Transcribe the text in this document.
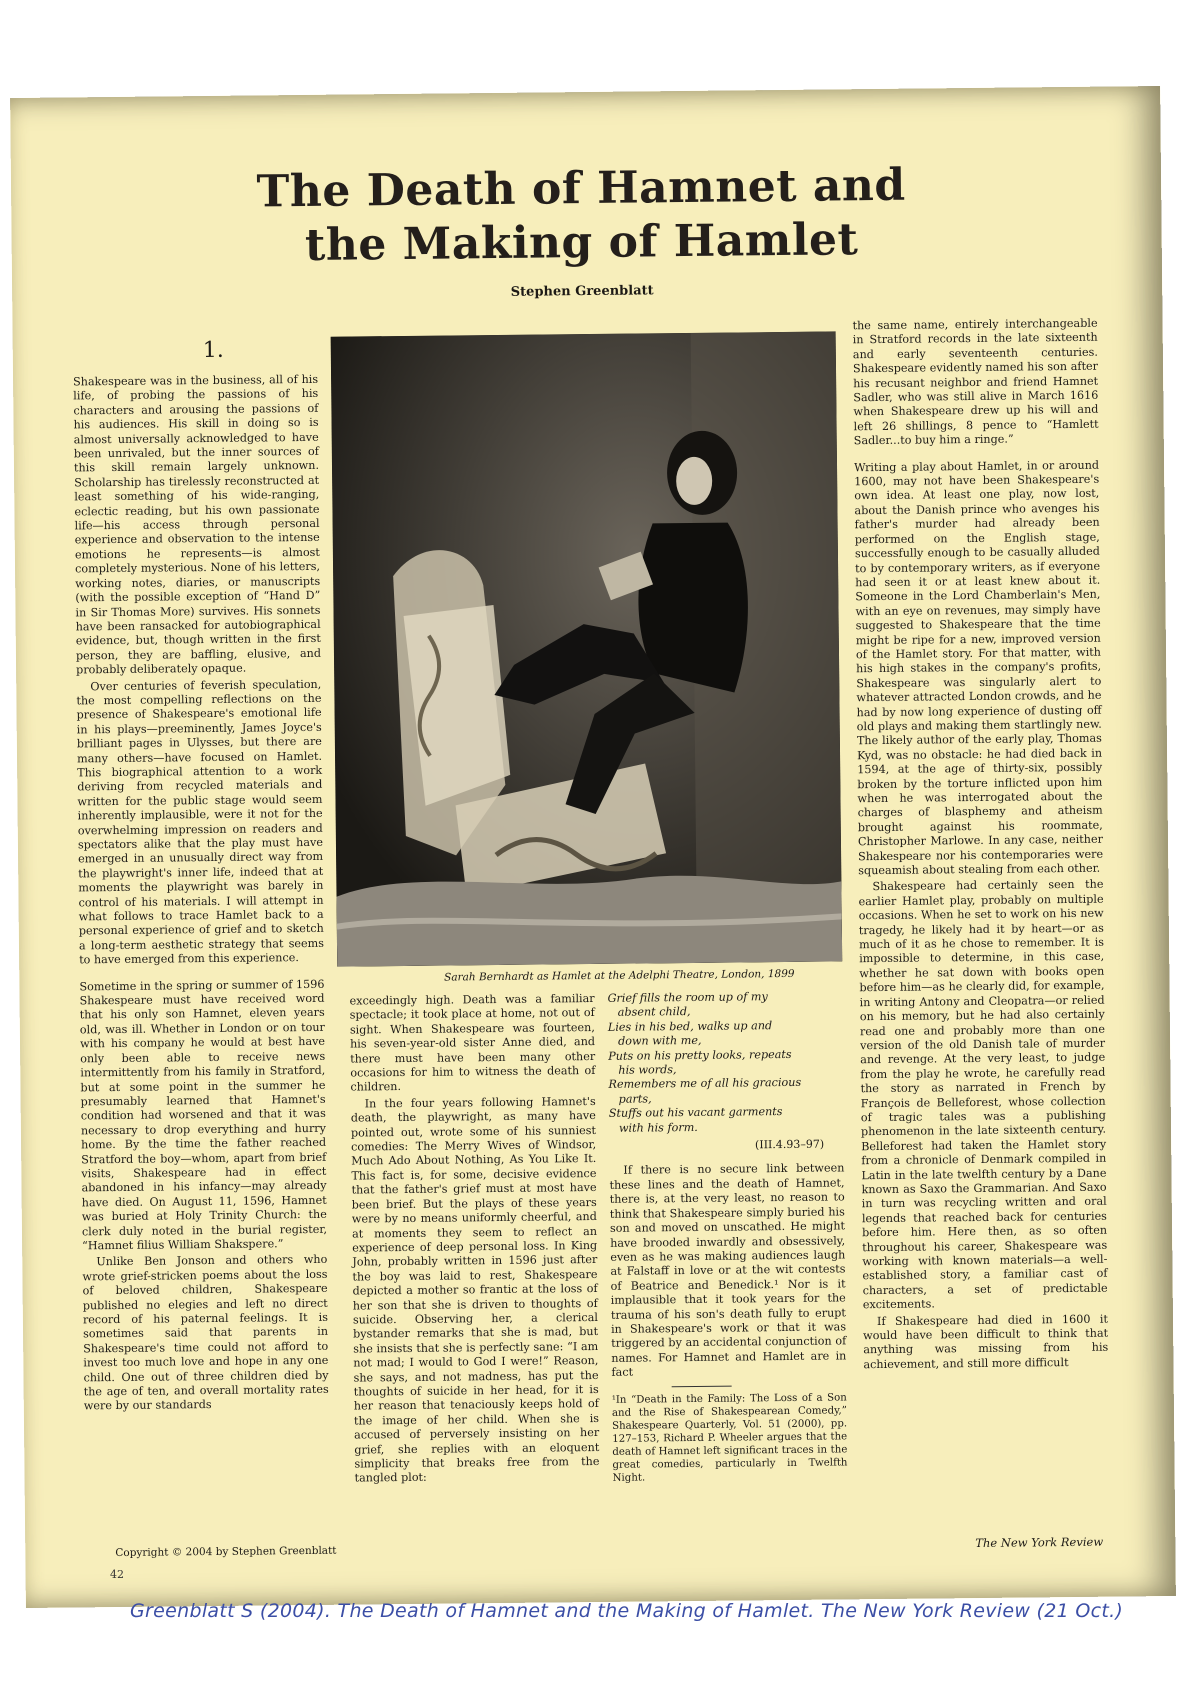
The Death of Hamnet and
the Making of Hamlet
Stephen Greenblatt
1.

Shakespeare was in the business, all of his life, of probing the passions of his characters and arousing the passions of his audiences. His skill in doing so is almost universally acknowledged to have been unrivaled, but the inner sources of this skill remain largely unknown. Scholarship has tirelessly reconstructed at least something of his wide-ranging, eclectic reading, but his own passionate life—his access through personal experience and observation to the intense emotions he represents—is almost completely mysterious. None of his letters, working notes, diaries, or manuscripts (with the possible exception of “Hand D” in Sir Thomas More) survives. His sonnets have been ransacked for autobiographical evidence, but, though written in the first person, they are baffling, elusive, and probably deliberately opaque.

Over centuries of feverish speculation, the most compelling reflections on the presence of Shakespeare's emotional life in his plays—preeminently, James Joyce's brilliant pages in Ulysses, but there are many others—have focused on Hamlet. This biographical attention to a work deriving from recycled materials and written for the public stage would seem inherently implausible, were it not for the overwhelming impression on readers and spectators alike that the play must have emerged in an unusually direct way from the playwright's inner life, indeed that at moments the playwright was barely in control of his materials. I will attempt in what follows to trace Hamlet back to a personal experience of grief and to sketch a long-term aesthetic strategy that seems to have emerged from this experience.

Sometime in the spring or summer of 1596 Shakespeare must have received word that his only son Hamnet, eleven years old, was ill. Whether in London or on tour with his company he would at best have only been able to receive news intermittently from his family in Stratford, but at some point in the summer he presumably learned that Hamnet's condition had worsened and that it was necessary to drop everything and hurry home. By the time the father reached Stratford the boy—whom, apart from brief visits, Shakespeare had in effect abandoned in his infancy—may already have died. On August 11, 1596, Hamnet was buried at Holy Trinity Church: the clerk duly noted in the burial register, “Hamnet filius William Shakspere.”

Unlike Ben Jonson and others who wrote grief-stricken poems about the loss of beloved children, Shakespeare published no elegies and left no direct record of his paternal feelings. It is sometimes said that parents in Shakespeare's time could not afford to invest too much love and hope in any one child. One out of three children died by the age of ten, and overall mortality rates were by our standards

Sarah Bernhardt as Hamlet at the Adelphi Theatre, London, 1899

exceedingly high. Death was a familiar spectacle; it took place at home, not out of sight. When Shakespeare was fourteen, his seven-year-old sister Anne died, and there must have been many other occasions for him to witness the death of children.

In the four years following Hamnet's death, the playwright, as many have pointed out, wrote some of his sunniest comedies: The Merry Wives of Windsor, Much Ado About Nothing, As You Like It. This fact is, for some, decisive evidence that the father's grief must at most have been brief. But the plays of these years were by no means uniformly cheerful, and at moments they seem to reflect an experience of deep personal loss. In King John, probably written in 1596 just after the boy was laid to rest, Shakespeare depicted a mother so frantic at the loss of her son that she is driven to thoughts of suicide. Observing her, a clerical bystander remarks that she is mad, but she insists that she is perfectly sane: “I am not mad; I would to God I were!” Reason, she says, and not madness, has put the thoughts of suicide in her head, for it is her reason that tenaciously keeps hold of the image of her child. When she is accused of perversely insisting on her grief, she replies with an eloquent simplicity that breaks free from the tangled plot:

Grief fills the room up of my
absent child,
Lies in his bed, walks up and
down with me,
Puts on his pretty looks, repeats
his words,
Remembers me of all his gracious
parts,
Stuffs out his vacant garments
with his form.
(III.4.93–97)

If there is no secure link between these lines and the death of Hamnet, there is, at the very least, no reason to think that Shakespeare simply buried his son and moved on unscathed. He might have brooded inwardly and obsessively, even as he was making audiences laugh at Falstaff in love or at the wit contests of Beatrice and Benedick.¹ Nor is it implausible that it took years for the trauma of his son's death fully to erupt in Shakespeare's work or that it was triggered by an accidental conjunction of names. For Hamnet and Hamlet are in fact

¹In “Death in the Family: The Loss of a Son and the Rise of Shakespearean Comedy,” Shakespeare Quarterly, Vol. 51 (2000), pp. 127–153, Richard P. Wheeler argues that the death of Hamnet left significant traces in the great comedies, particularly in Twelfth Night.

the same name, entirely interchangeable in Stratford records in the late sixteenth and early seventeenth centuries. Shakespeare evidently named his son after his recusant neighbor and friend Hamnet Sadler, who was still alive in March 1616 when Shakespeare drew up his will and left 26 shillings, 8 pence to “Hamlett Sadler...to buy him a ringe.”

Writing a play about Hamlet, in or around 1600, may not have been Shakespeare's own idea. At least one play, now lost, about the Danish prince who avenges his father's murder had already been performed on the English stage, successfully enough to be casually alluded to by contemporary writers, as if everyone had seen it or at least knew about it. Someone in the Lord Chamberlain's Men, with an eye on revenues, may simply have suggested to Shakespeare that the time might be ripe for a new, improved version of the Hamlet story. For that matter, with his high stakes in the company's profits, Shakespeare was singularly alert to whatever attracted London crowds, and he had by now long experience of dusting off old plays and making them startlingly new. The likely author of the early play, Thomas Kyd, was no obstacle: he had died back in 1594, at the age of thirty-six, possibly broken by the torture inflicted upon him when he was interrogated about the charges of blasphemy and atheism brought against his roommate, Christopher Marlowe. In any case, neither Shakespeare nor his contemporaries were squeamish about stealing from each other.

Shakespeare had certainly seen the earlier Hamlet play, probably on multiple occasions. When he set to work on his new tragedy, he likely had it by heart—or as much of it as he chose to remember. It is impossible to determine, in this case, whether he sat down with books open before him—as he clearly did, for example, in writing Antony and Cleopatra—or relied on his memory, but he had also certainly read one and probably more than one version of the old Danish tale of murder and revenge. At the very least, to judge from the play he wrote, he carefully read the story as narrated in French by François de Belleforest, whose collection of tragic tales was a publishing phenomenon in the late sixteenth century. Belleforest had taken the Hamlet story from a chronicle of Denmark compiled in Latin in the late twelfth century by a Dane known as Saxo the Grammarian. And Saxo in turn was recycling written and oral legends that reached back for centuries before him. Here then, as so often throughout his career, Shakespeare was working with known materials—a well-established story, a familiar cast of characters, a set of predictable excitements.

If Shakespeare had died in 1600 it would have been difficult to think that anything was missing from his achievement, and still more difficult

Copyright © 2004 by Stephen Greenblatt
The New York Review
42
Greenblatt S (2004). The Death of Hamnet and the Making of Hamlet. The New York Review (21 Oct.)
